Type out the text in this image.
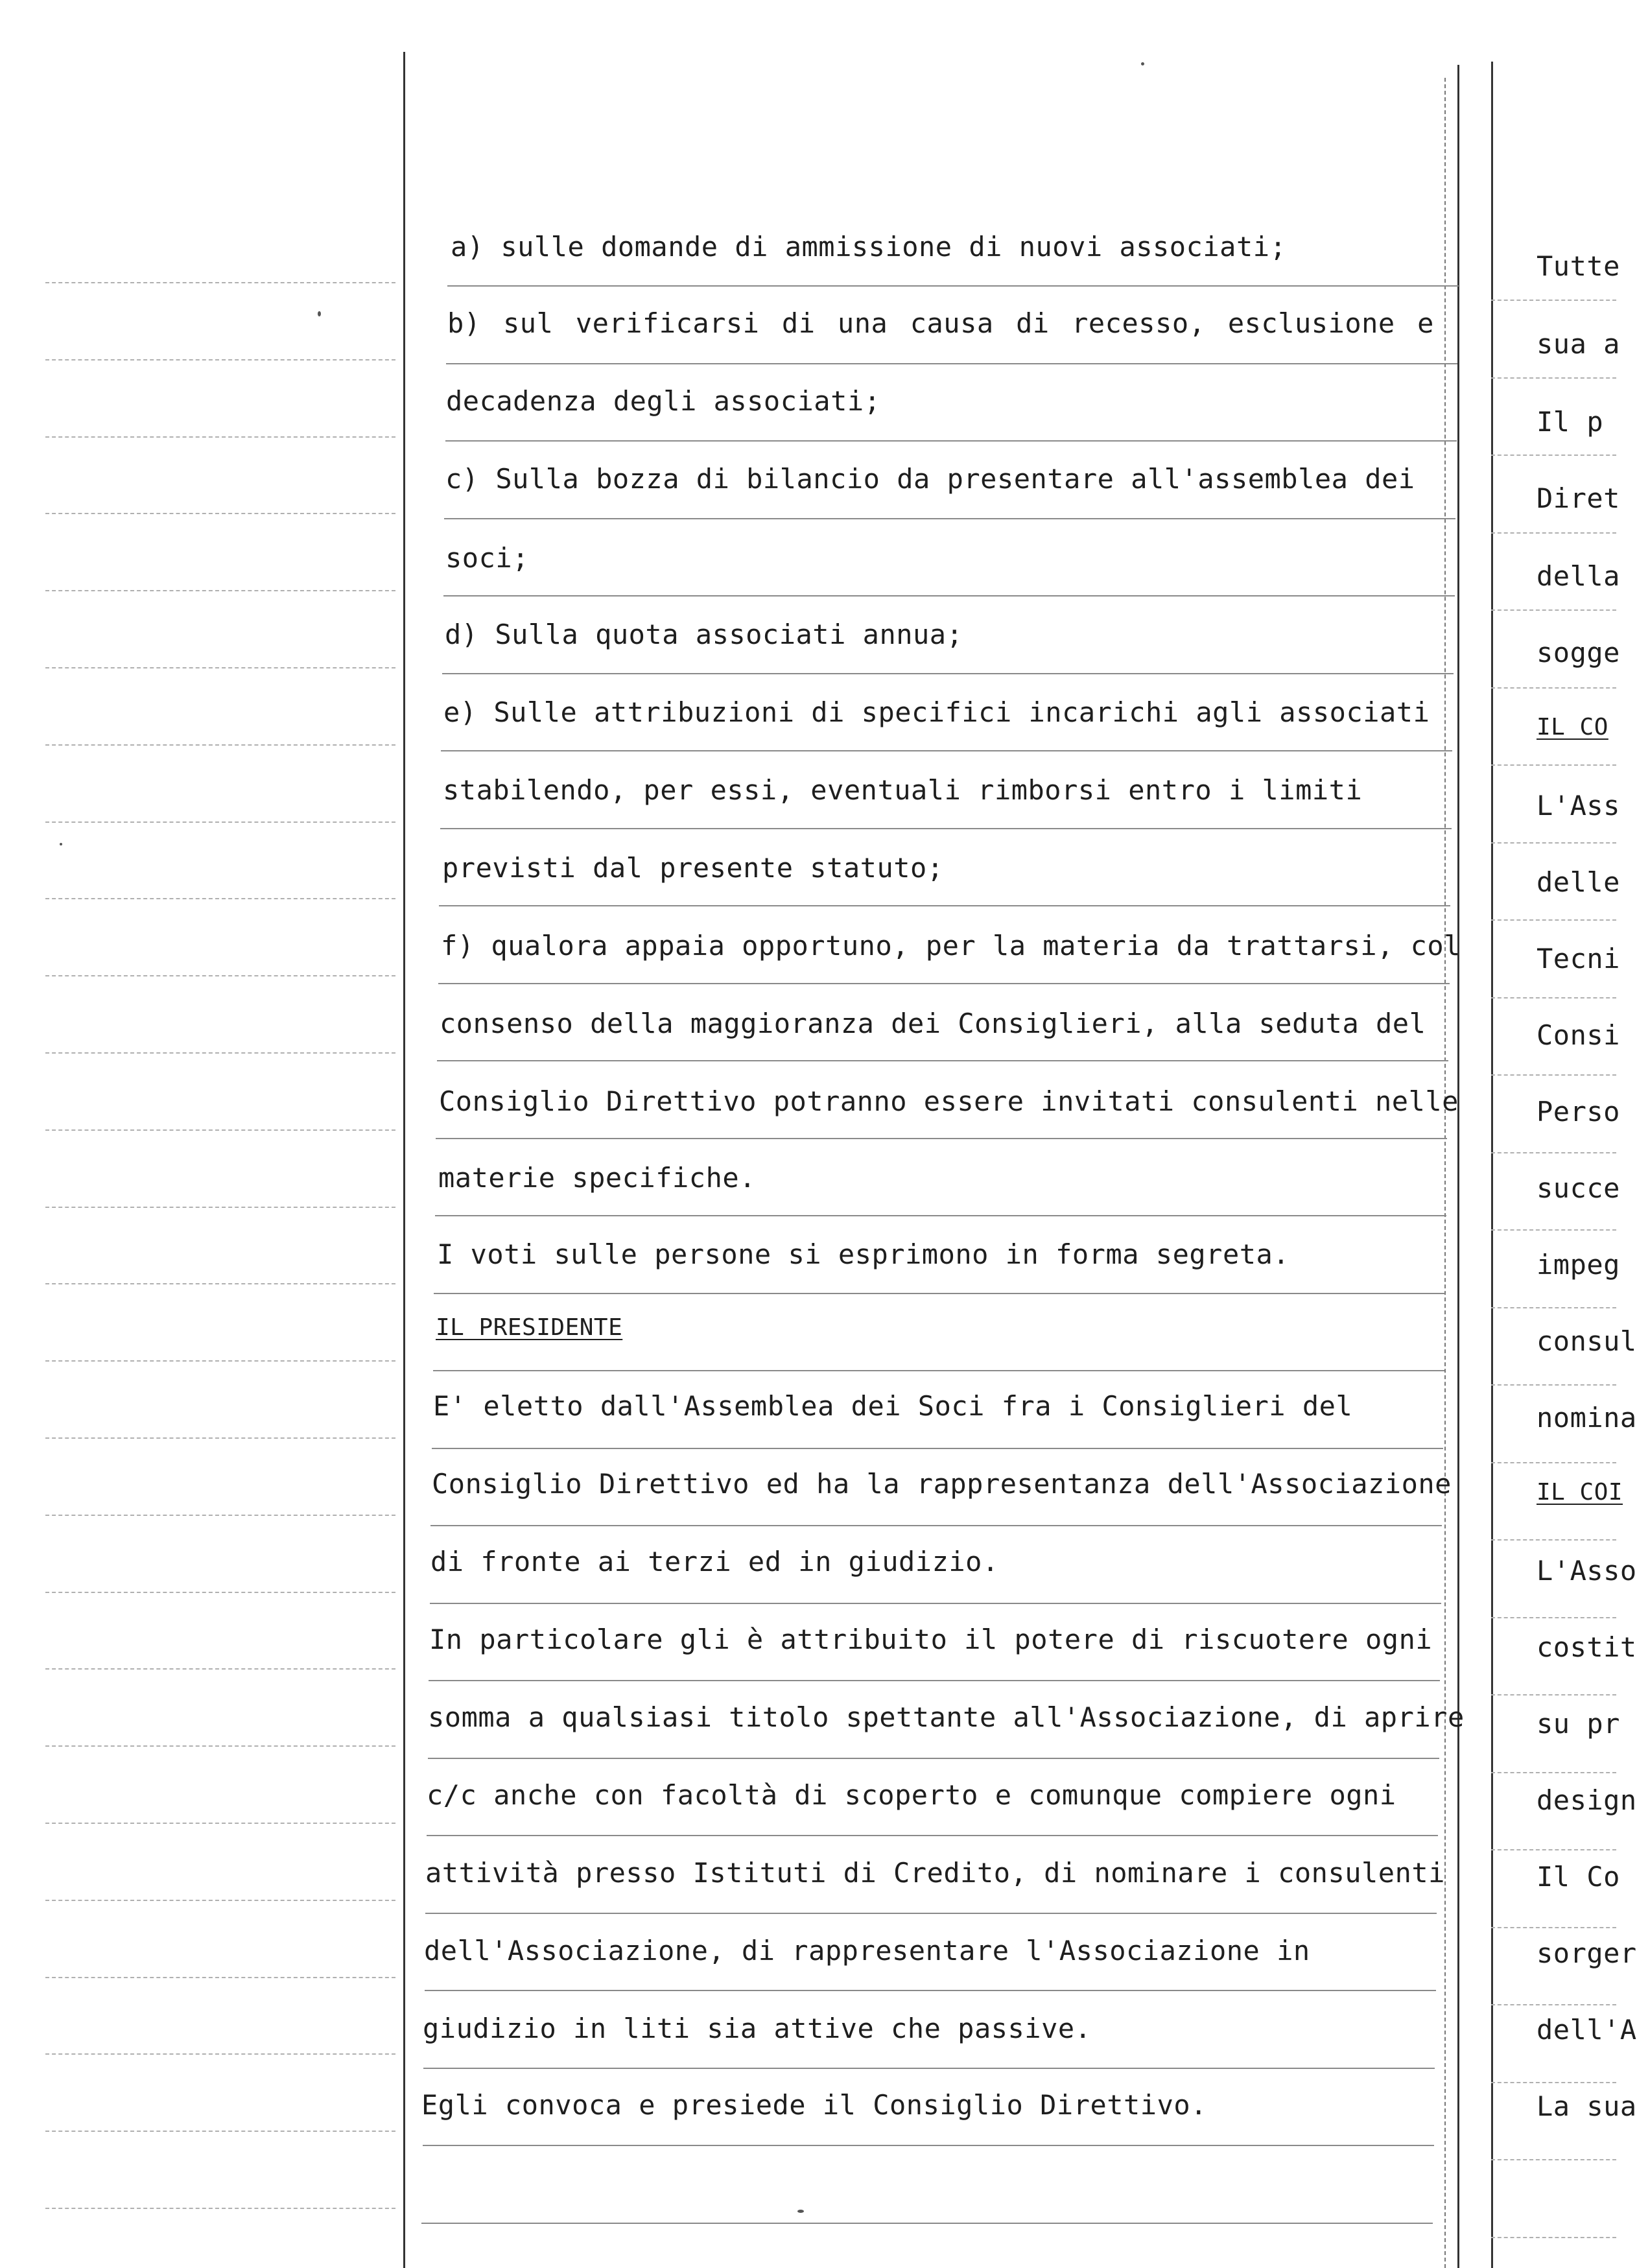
a) sulle domande di ammissione di nuovi associati;
b) sul verificarsi di una causa di recesso, esclusione e
decadenza degli associati;
c) Sulla bozza di bilancio da presentare all'assemblea dei
soci;
d) Sulla quota associati annua;
e) Sulle attribuzioni di specifici incarichi agli associati
stabilendo, per essi, eventuali rimborsi entro i limiti
previsti dal presente statuto;
f) qualora appaia opportuno, per la materia da trattarsi, col
consenso della maggioranza dei Consiglieri, alla seduta del
Consiglio Direttivo potranno essere invitati consulenti nelle
materie specifiche.
I voti sulle persone si esprimono in forma segreta.
IL PRESIDENTE
E' eletto dall'Assemblea dei Soci fra i Consiglieri del
Consiglio Direttivo ed ha la rappresentanza dell'Associazione
di fronte ai terzi ed in giudizio.
In particolare gli è attribuito il potere di riscuotere ogni
somma a qualsiasi titolo spettante all'Associazione, di aprire
c/c anche con facoltà di scoperto e comunque compiere ogni
attività presso Istituti di Credito, di nominare i consulenti
dell'Associazione, di rappresentare l'Associazione in
giudizio in liti sia attive che passive.
Egli convoca e presiede il Consiglio Direttivo.
Tutte
sua a
Il p
Diret
della
sogge
IL CO
L'Ass
delle
Tecni
Consi
Perso
succe
impeg
consul
nomina
IL COI
L'Asso
costit
su pr
design
Il Co
sorger
dell'A
La sua
